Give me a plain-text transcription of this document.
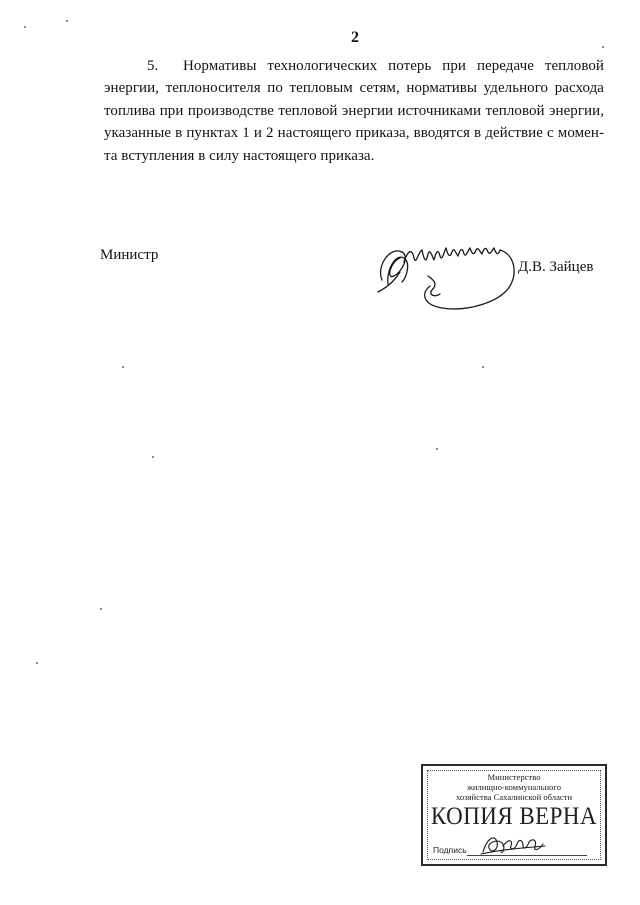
2
5. Нормативы технологических потерь при передаче тепловой
энергии, теплоносителя по тепловым сетям, нормативы удельного расхода
топлива при производстве тепловой энергии источниками тепловой энергии,
указанные в пунктах 1 и 2 настоящего приказа, вводятся в действие с момен-
та вступления в силу настоящего приказа.
Министр
Д.В. Зайцев
Министерство
жилищно-коммунального
хозяйства Сахалинской области
КОПИЯ ВЕРНА
Подпись
